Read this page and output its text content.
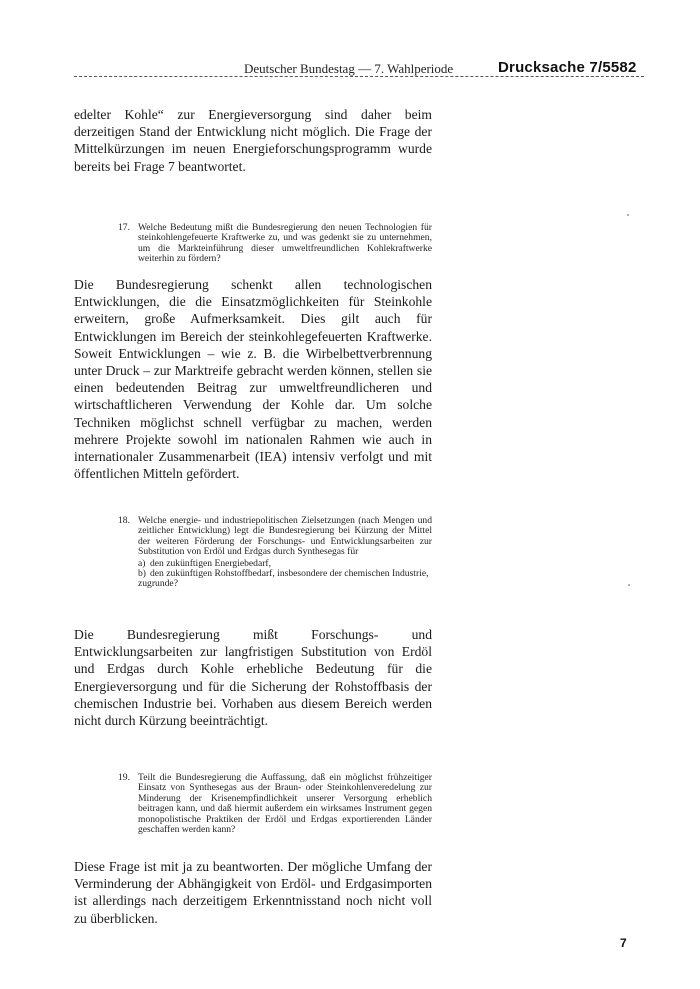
Deutscher Bundestag — 7. Wahlperiode	Drucksache 7/5582
edelter Kohle“ zur Energieversorgung sind daher beim derzeitigen Stand der Entwicklung nicht möglich. Die Frage der Mittelkürzungen im neuen Energieforschungsprogramm wurde bereits bei Frage 7 beantwortet.
17. Welche Bedeutung mißt die Bundesregierung den neuen Technologien für steinkohlengefeuerte Kraftwerke zu, und was gedenkt sie zu unternehmen, um die Markteinführung dieser umweltfreundlichen Kohlekraftwerke weiterhin zu fördern?
Die Bundesregierung schenkt allen technologischen Entwicklungen, die die Einsatzmöglichkeiten für Steinkohle erweitern, große Aufmerksamkeit. Dies gilt auch für Entwicklungen im Bereich der steinkohlegefeuerten Kraftwerke. Soweit Entwicklungen – wie z. B. die Wirbelbettverbrennung unter Druck – zur Marktreife gebracht werden können, stellen sie einen bedeutenden Beitrag zur umweltfreundlicheren und wirtschaftlicheren Verwendung der Kohle dar. Um solche Techniken möglichst schnell verfügbar zu machen, werden mehrere Projekte sowohl im nationalen Rahmen wie auch in internationaler Zusammenarbeit (IEA) intensiv verfolgt und mit öffentlichen Mitteln gefördert.
18. Welche energie- und industriepolitischen Zielsetzungen (nach Mengen und zeitlicher Entwicklung) legt die Bundesregierung bei Kürzung der Mittel der weiteren Förderung der Forschungs- und Entwicklungsarbeiten zur Substitution von Erdöl und Erdgas durch Synthesegas für
a) den zukünftigen Energiebedarf,
b) den zukünftigen Rohstoffbedarf, insbesondere der chemischen Industrie,
zugrunde?
Die Bundesregierung mißt Forschungs- und Entwicklungsarbeiten zur langfristigen Substitution von Erdöl und Erdgas durch Kohle erhebliche Bedeutung für die Energieversorgung und für die Sicherung der Rohstoffbasis der chemischen Industrie bei. Vorhaben aus diesem Bereich werden nicht durch Kürzung beeinträchtigt.
19. Teilt die Bundesregierung die Auffassung, daß ein möglichst frühzeitiger Einsatz von Synthesegas aus der Braun- oder Steinkohlenveredelung zur Minderung der Krisenempfindlichkeit unserer Versorgung erheblich beitragen kann, und daß hiermit außerdem ein wirksames Instrument gegen monopolistische Praktiken der Erdöl und Erdgas exportierenden Länder geschaffen werden kann?
Diese Frage ist mit ja zu beantworten. Der mögliche Umfang der Verminderung der Abhängigkeit von Erdöl- und Erdgasimporten ist allerdings nach derzeitigem Erkenntnisstand noch nicht voll zu überblicken.
7
